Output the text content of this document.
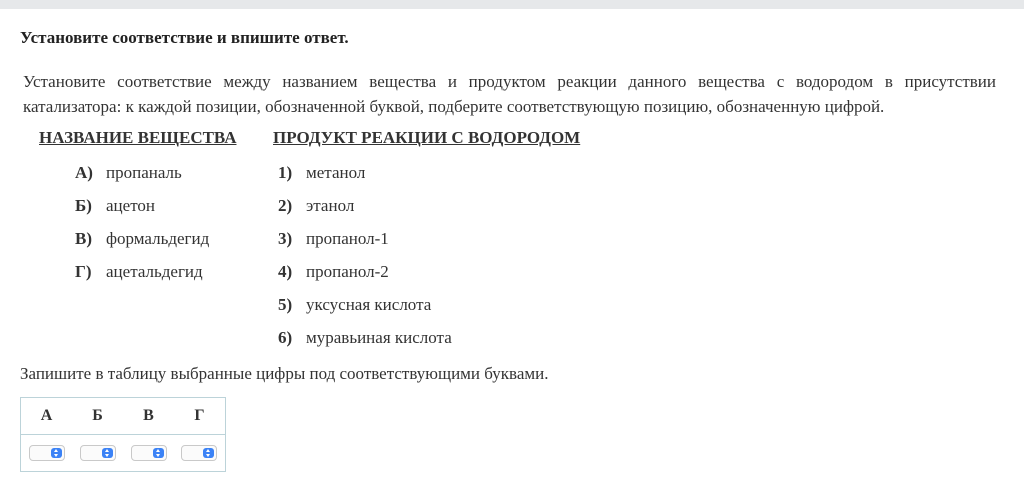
Установите соответствие и впишите ответ.
Установите соответствие между названием вещества и продуктом реакции данного вещества с водородом в присутствии катализатора: к каждой позиции, обозначенной буквой, подберите соответствующую позицию, обозначенную цифрой.
НАЗВАНИЕ ВЕЩЕСТВА ПРОДУКТ РЕАКЦИИ С ВОДОРОДОМ
А) пропаналь
Б) ацетон
В) формальдегид
Г) ацетальдегид
1) метанол
2) этанол
3) пропанол-1
4) пропанол-2
5) уксусная кислота
6) муравьиная кислота
Запишите в таблицу выбранные цифры под соответствующими буквами.
А	Б	В	Г
